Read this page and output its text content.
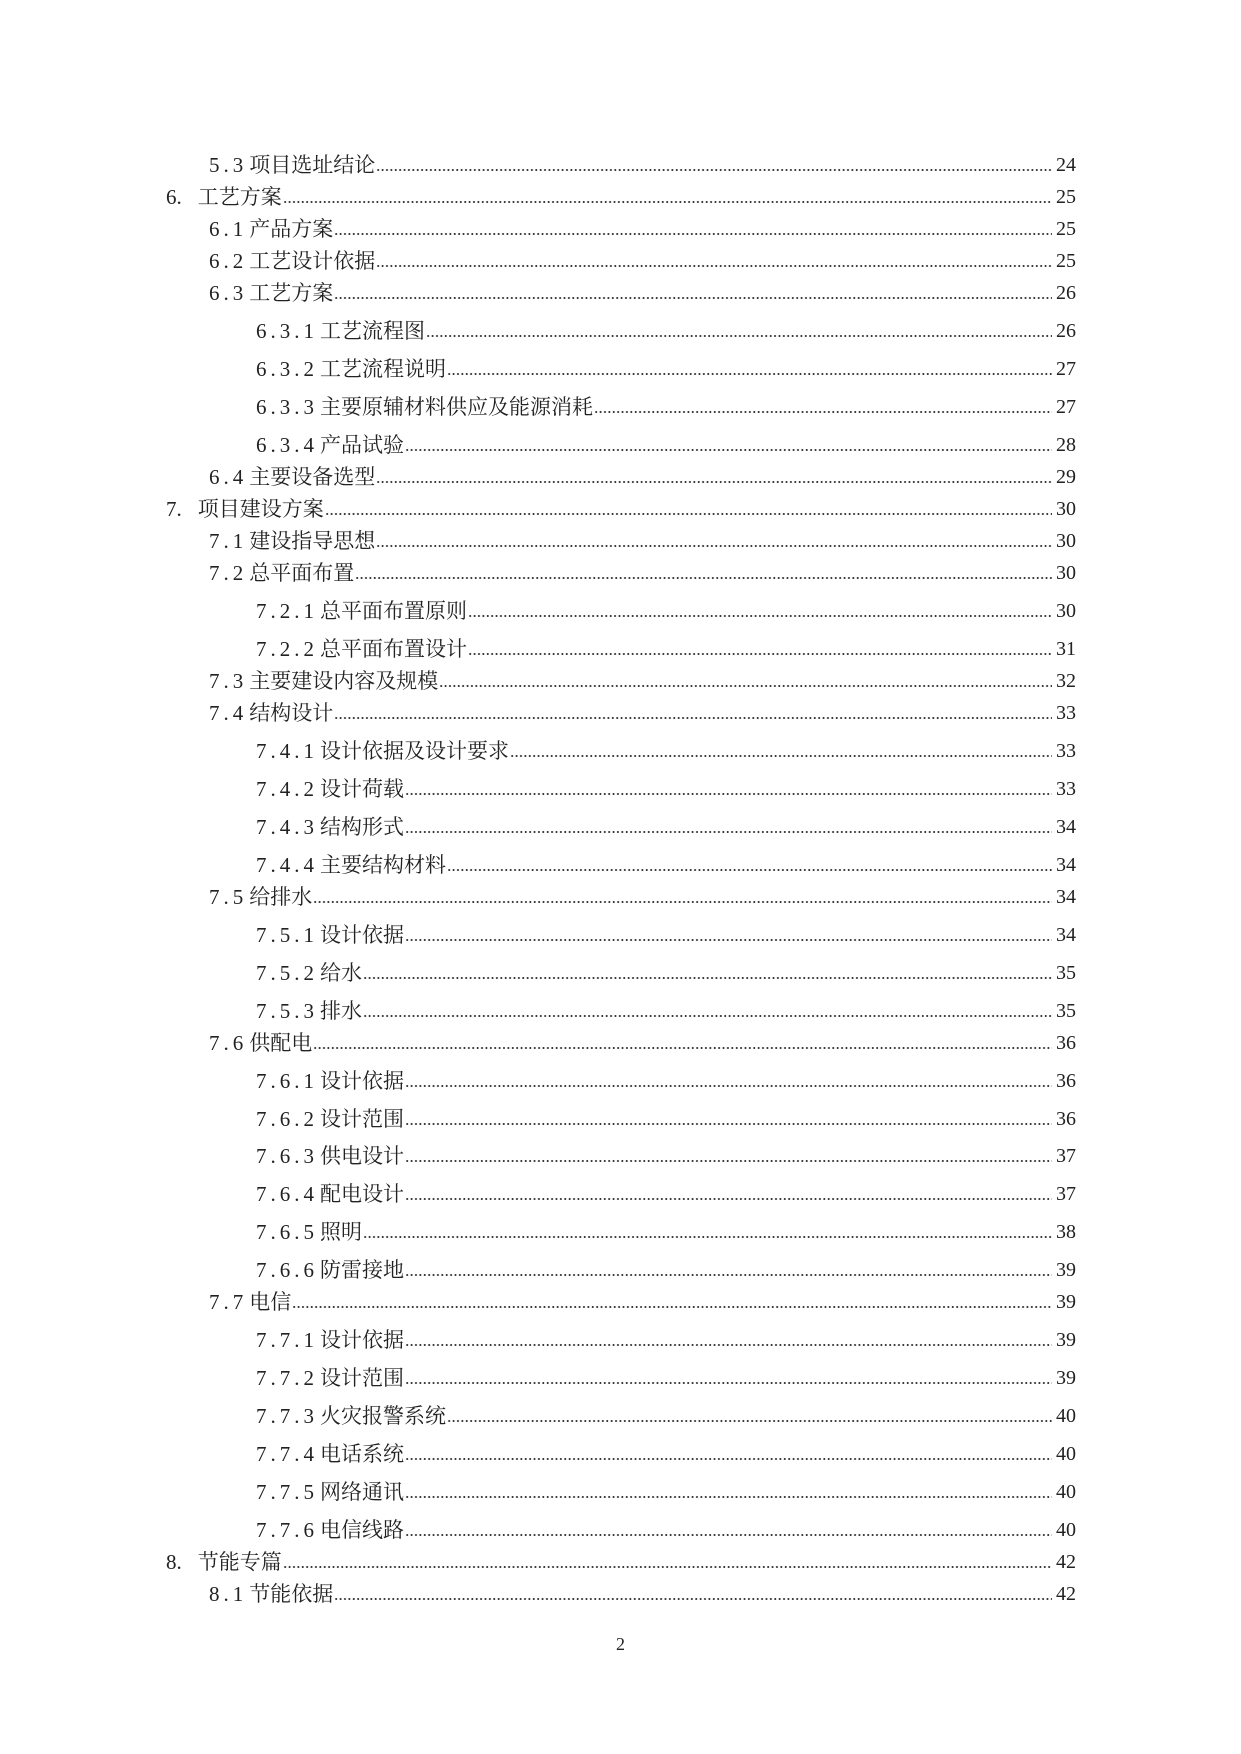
5.3 项目选址结论	24
6. 工艺方案	25
6.1 产品方案	25
6.2 工艺设计依据	25
6.3 工艺方案	26
6.3.1 工艺流程图	26
6.3.2 工艺流程说明	27
6.3.3 主要原辅材料供应及能源消耗	27
6.3.4 产品试验	28
6.4 主要设备选型	29
7. 项目建设方案	30
7.1 建设指导思想	30
7.2 总平面布置	30
7.2.1 总平面布置原则	30
7.2.2 总平面布置设计	31
7.3 主要建设内容及规模	32
7.4 结构设计	33
7.4.1 设计依据及设计要求	33
7.4.2 设计荷载	33
7.4.3 结构形式	34
7.4.4 主要结构材料	34
7.5 给排水	34
7.5.1 设计依据	34
7.5.2 给水	35
7.5.3 排水	35
7.6 供配电	36
7.6.1 设计依据	36
7.6.2 设计范围	36
7.6.3 供电设计	37
7.6.4 配电设计	37
7.6.5 照明	38
7.6.6 防雷接地	39
7.7 电信	39
7.7.1 设计依据	39
7.7.2 设计范围	39
7.7.3 火灾报警系统	40
7.7.4 电话系统	40
7.7.5 网络通讯	40
7.7.6 电信线路	40
8. 节能专篇	42
8.1 节能依据	42
2
